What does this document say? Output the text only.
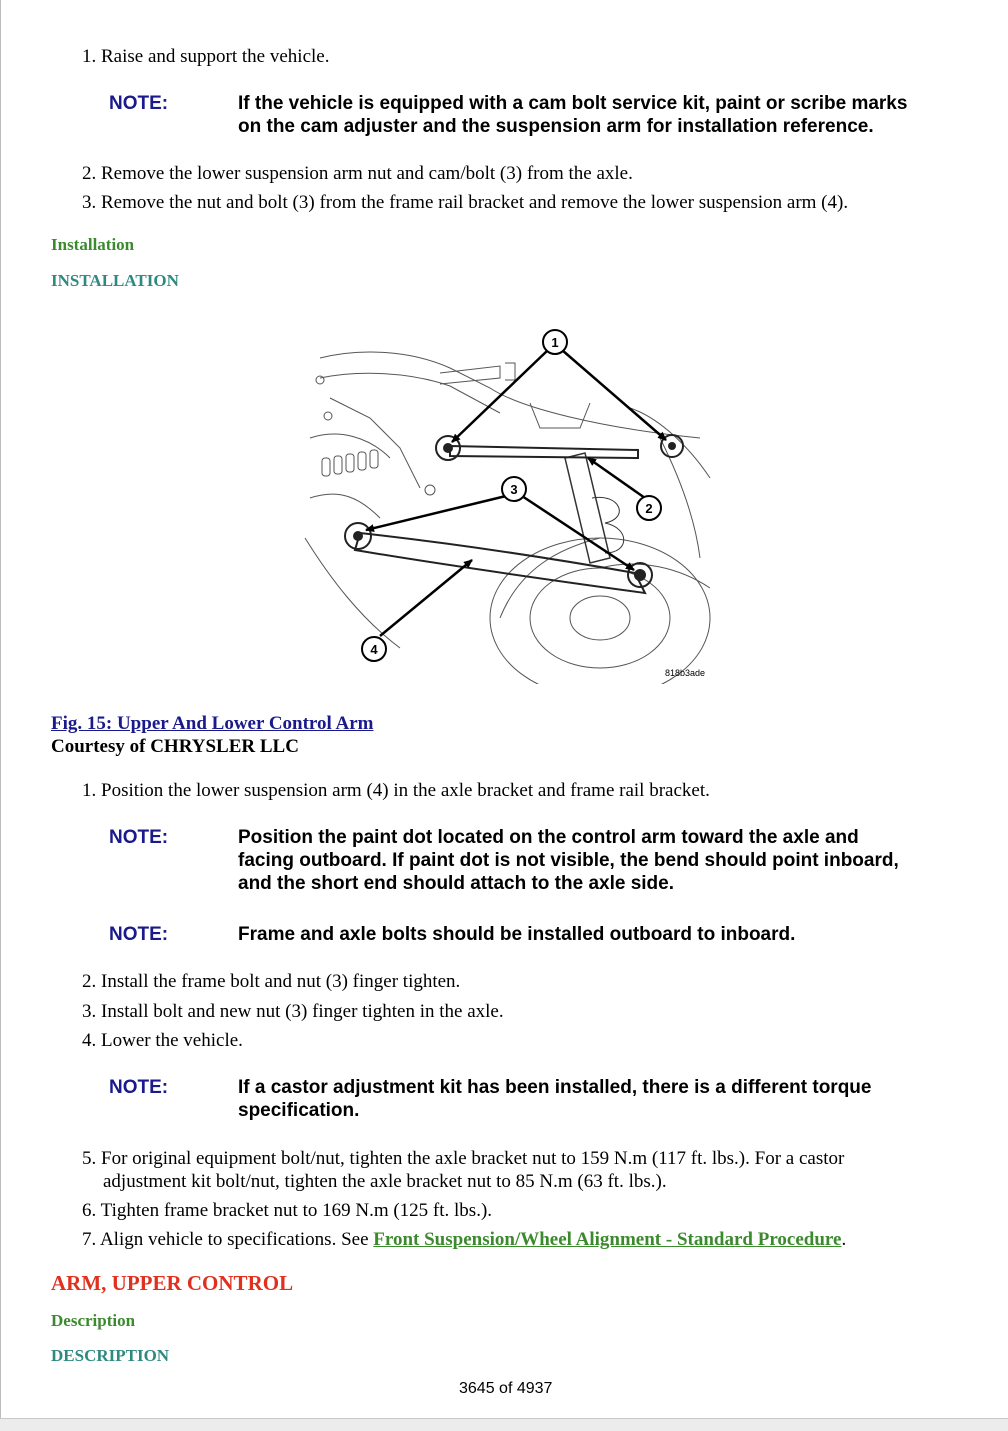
1. Raise and support the vehicle.
NOTE:	If the vehicle is equipped with a cam bolt service kit, paint or scribe marks
on the cam adjuster and the suspension arm for installation reference.
2. Remove the lower suspension arm nut and cam/bolt (3) from the axle.
3. Remove the nut and bolt (3) from the frame rail bracket and remove the lower suspension arm (4).
Installation
INSTALLATION
1
2
3
4
818b3ade
Fig. 15: Upper And Lower Control Arm
Courtesy of CHRYSLER LLC
1. Position the lower suspension arm (4) in the axle bracket and frame rail bracket.
NOTE:	Position the paint dot located on the control arm toward the axle and
facing outboard. If paint dot is not visible, the bend should point inboard,
and the short end should attach to the axle side.
NOTE:	Frame and axle bolts should be installed outboard to inboard.
2. Install the frame bolt and nut (3) finger tighten.
3. Install bolt and new nut (3) finger tighten in the axle.
4. Lower the vehicle.
NOTE:	If a castor adjustment kit has been installed, there is a different torque
specification.
5. For original equipment bolt/nut, tighten the axle bracket nut to 159 N.m (117 ft. lbs.). For a castor
adjustment kit bolt/nut, tighten the axle bracket nut to 85 N.m (63 ft. lbs.).
6. Tighten frame bracket nut to 169 N.m (125 ft. lbs.).
7. Align vehicle to specifications. See Front Suspension/Wheel Alignment - Standard Procedure.
ARM, UPPER CONTROL
Description
DESCRIPTION
3645 of 4937
